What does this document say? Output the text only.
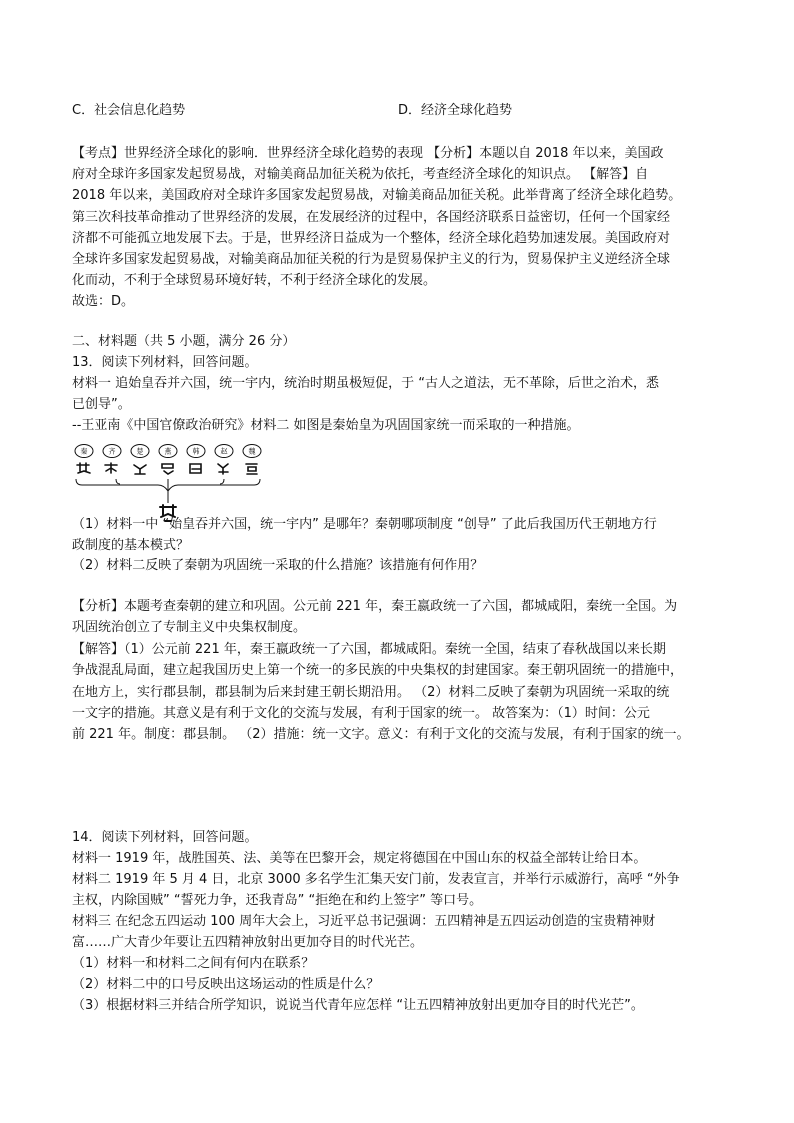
C．社会信息化趋势	D．经济全球化趋势
【考点】世界经济全球化的影响．世界经济全球化趋势的表现 【分析】本题以自 2018 年以来，美国政
府对全球许多国家发起贸易战，对输美商品加征关税为依托，考查经济全球化的知识点。 【解答】自
2018 年以来，美国政府对全球许多国家发起贸易战，对输美商品加征关税。此举背离了经济全球化趋势。
第三次科技革命推动了世界经济的发展，在发展经济的过程中，各国经济联系日益密切，任何一个国家经
济都不可能孤立地发展下去。于是，世界经济日益成为一个整体，经济全球化趋势加速发展。美国政府对
全球许多国家发起贸易战，对输美商品加征关税的行为是贸易保护主义的行为，贸易保护主义逆经济全球
化而动，不利于全球贸易环境好转，不利于经济全球化的发展。
故选：D。
二、材料题（共 5 小题，满分 26 分）
13．阅读下列材料，回答问题。
材料一 追始皇吞并六国，统一宇内，统治时期虽极短促，于 “古人之道法，无不革除，后世之治术，悉
已创导”。
--王亚南《中国官僚政治研究》材料二 如图是秦始皇为巩固国家统一而采取的一种措施。
秦	齐	楚	燕	韩	赵	魏
（1）材料一中 “始皇吞并六国，统一宇内” 是哪年？秦朝哪项制度 “创导” 了此后我国历代王朝地方行
政制度的基本模式？
（2）材料二反映了秦朝为巩固统一采取的什么措施？该措施有何作用？
【分析】本题考查秦朝的建立和巩固。公元前 221 年，秦王嬴政统一了六国，都城咸阳，秦统一全国。为
巩固统治创立了专制主义中央集权制度。
【解答】（1）公元前 221 年，秦王嬴政统一了六国，都城咸阳。秦统一全国，结束了春秋战国以来长期
争战混乱局面，建立起我国历史上第一个统一的多民族的中央集权的封建国家。秦王朝巩固统一的措施中，
在地方上，实行郡县制，郡县制为后来封建王朝长期沿用。 （2）材料二反映了秦朝为巩固统一采取的统
一文字的措施。其意义是有利于文化的交流与发展，有利于国家的统一。 故答案为：（1）时间：公元
前 221 年。制度：郡县制。 （2）措施：统一文字。意义：有利于文化的交流与发展，有利于国家的统一。
14．阅读下列材料，回答问题。
材料一 1919 年，战胜国英、法、美等在巴黎开会，规定将德国在中国山东的权益全部转让给日本。
材料二 1919 年 5 月 4 日，北京 3000 多名学生汇集天安门前，发表宣言，并举行示威游行，高呼 “外争
主权，内除国贼” “誓死力争，还我青岛” “拒绝在和约上签字” 等口号。
材料三 在纪念五四运动 100 周年大会上，习近平总书记强调：五四精神是五四运动创造的宝贵精神财
富……广大青少年要让五四精神放射出更加夺目的时代光芒。
（1）材料一和材料二之间有何内在联系？
（2）材料二中的口号反映出这场运动的性质是什么？
（3）根据材料三并结合所学知识，说说当代青年应怎样 “让五四精神放射出更加夺目的时代光芒”。
